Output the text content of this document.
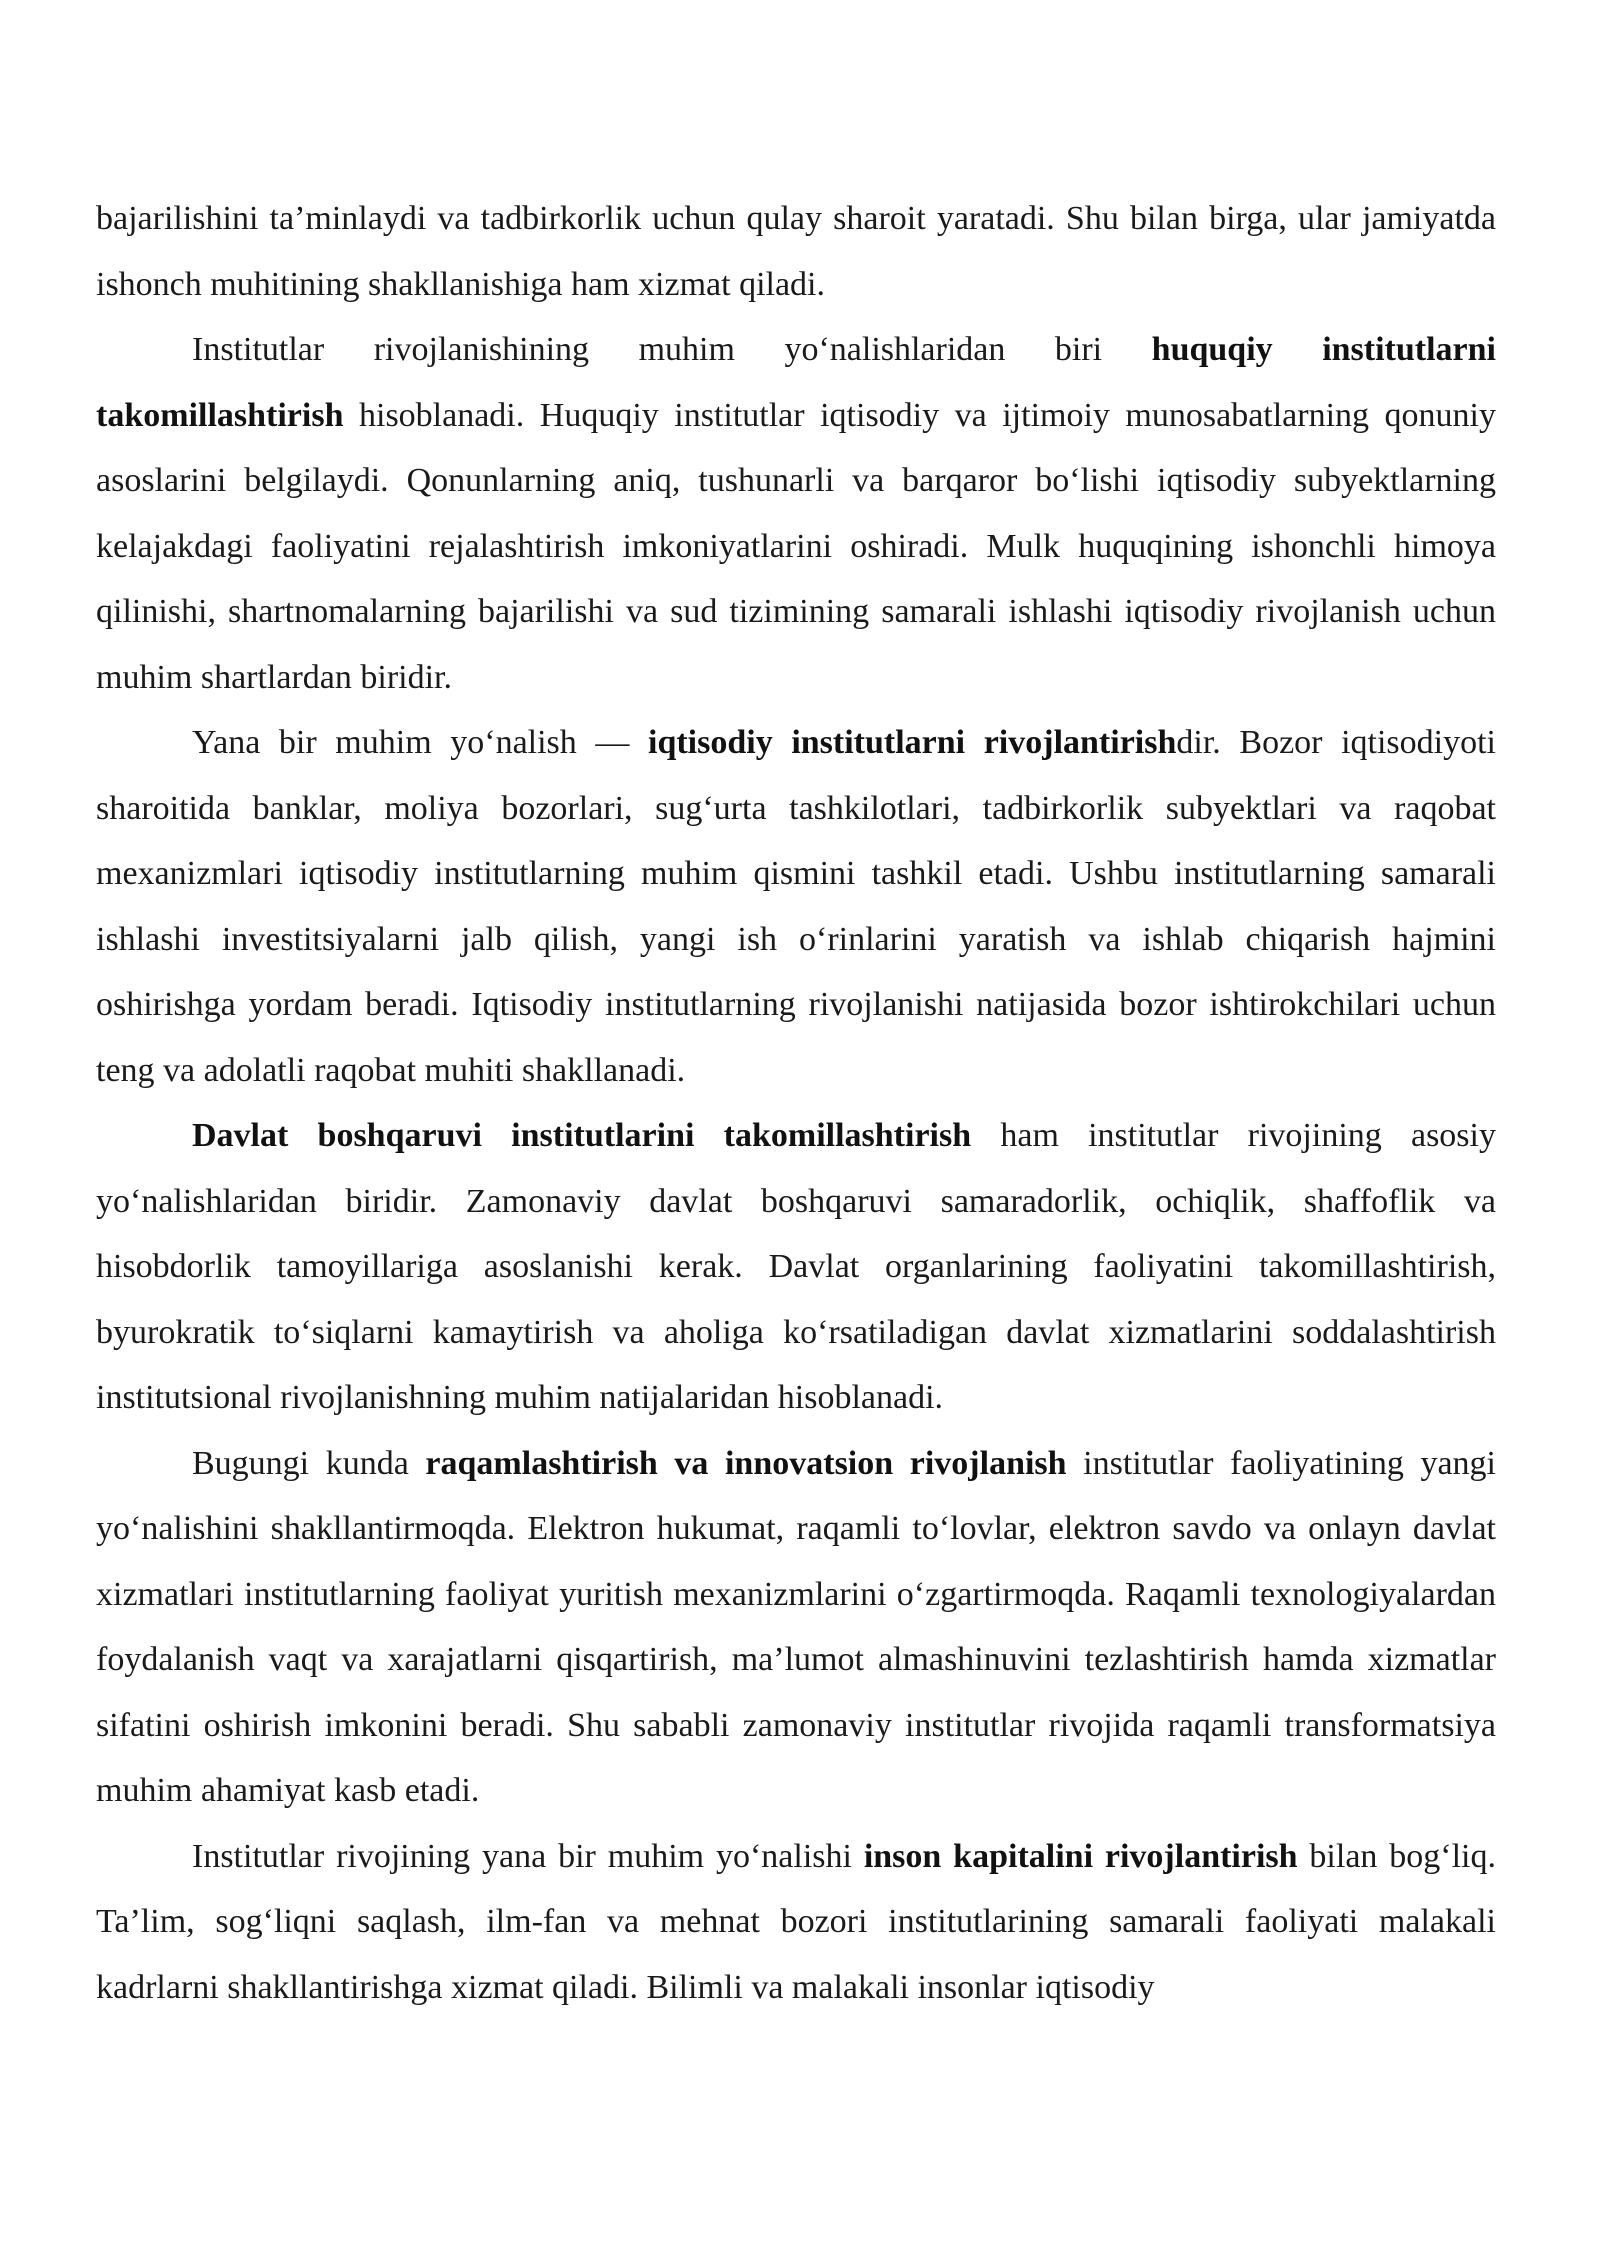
bajarilishini ta’minlaydi va tadbirkorlik uchun qulay sharoit yaratadi. Shu bilan birga, ular jamiyatda ishonch muhitining shakllanishiga ham xizmat qiladi.

Institutlar rivojlanishining muhim yo‘nalishlaridan biri huquqiy institutlarni takomillashtirish hisoblanadi. Huquqiy institutlar iqtisodiy va ijtimoiy munosabatlarning qonuniy asoslarini belgilaydi. Qonunlarning aniq, tushunarli va barqaror bo‘lishi iqtisodiy subyektlarning kelajakdagi faoliyatini rejalashtirish imkoniyatlarini oshiradi. Mulk huquqining ishonchli himoya qilinishi, shartnomalarning bajarilishi va sud tizimining samarali ishlashi iqtisodiy rivojlanish uchun muhim shartlardan biridir.

Yana bir muhim yo‘nalish — iqtisodiy institutlarni rivojlantirishdir. Bozor iqtisodiyoti sharoitida banklar, moliya bozorlari, sug‘urta tashkilotlari, tadbirkorlik subyektlari va raqobat mexanizmlari iqtisodiy institutlarning muhim qismini tashkil etadi. Ushbu institutlarning samarali ishlashi investitsiyalarni jalb qilish, yangi ish o‘rinlarini yaratish va ishlab chiqarish hajmini oshirishga yordam beradi. Iqtisodiy institutlarning rivojlanishi natijasida bozor ishtirokchilari uchun teng va adolatli raqobat muhiti shakllanadi.

Davlat boshqaruvi institutlarini takomillashtirish ham institutlar rivojining asosiy yo‘nalishlaridan biridir. Zamonaviy davlat boshqaruvi samaradorlik, ochiqlik, shaffoflik va hisobdorlik tamoyillariga asoslanishi kerak. Davlat organlarining faoliyatini takomillashtirish, byurokratik to‘siqlarni kamaytirish va aholiga ko‘rsatiladigan davlat xizmatlarini soddalashtirish institutsional rivojlanishning muhim natijalaridan hisoblanadi.

Bugungi kunda raqamlashtirish va innovatsion rivojlanish institutlar faoliyatining yangi yo‘nalishini shakllantirmoqda. Elektron hukumat, raqamli to‘lovlar, elektron savdo va onlayn davlat xizmatlari institutlarning faoliyat yuritish mexanizmlarini o‘zgartirmoqda. Raqamli texnologiyalardan foydalanish vaqt va xarajatlarni qisqartirish, ma’lumot almashinuvini tezlashtirish hamda xizmatlar sifatini oshirish imkonini beradi. Shu sababli zamonaviy institutlar rivojida raqamli transformatsiya muhim ahamiyat kasb etadi.

Institutlar rivojining yana bir muhim yo‘nalishi inson kapitalini rivojlantirish bilan bog‘liq. Ta’lim, sog‘liqni saqlash, ilm-fan va mehnat bozori institutlarining samarali faoliyati malakali kadrlarni shakllantirishga xizmat qiladi. Bilimli va malakali insonlar iqtisodiy
